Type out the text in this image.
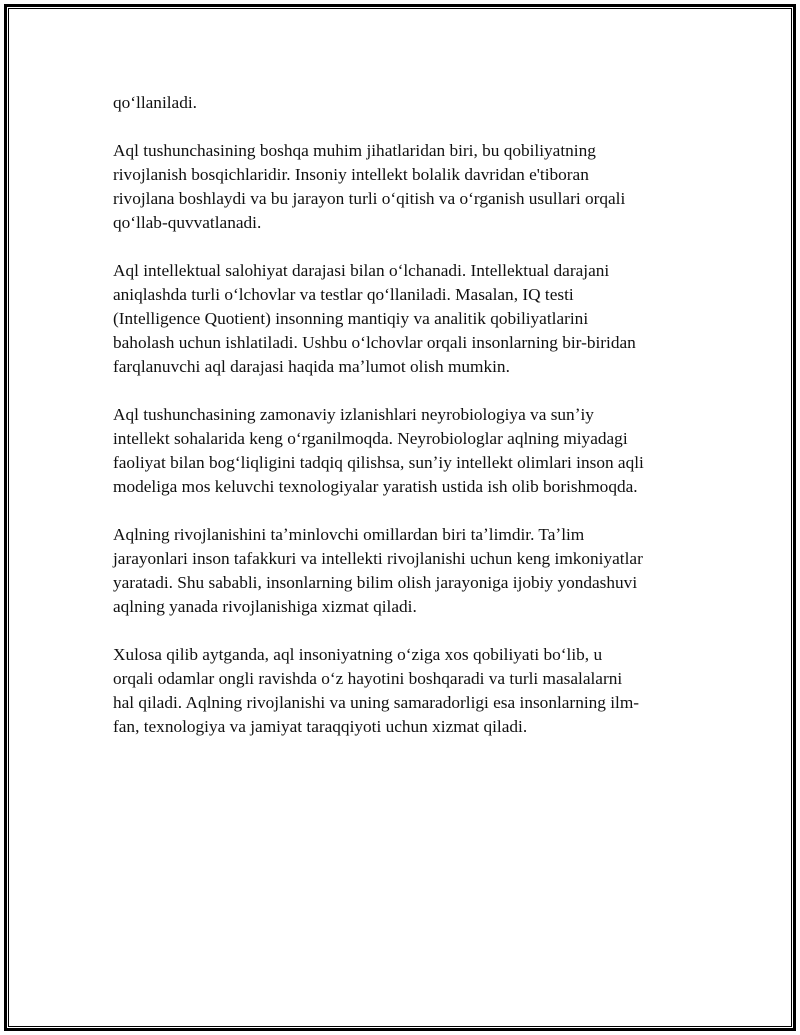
qoʻllaniladi.
Aql tushunchasining boshqa muhim jihatlaridan biri, bu qobiliyatning
rivojlanish bosqichlaridir. Insoniy intellekt bolalik davridan e'tiboran
rivojlana boshlaydi va bu jarayon turli oʻqitish va oʻrganish usullari orqali
qoʻllab-quvvatlanadi.
Aql intellektual salohiyat darajasi bilan oʻlchanadi. Intellektual darajani
aniqlashda turli oʻlchovlar va testlar qoʻllaniladi. Masalan, IQ testi
(Intelligence Quotient) insonning mantiqiy va analitik qobiliyatlarini
baholash uchun ishlatiladi. Ushbu oʻlchovlar orqali insonlarning bir-biridan
farqlanuvchi aql darajasi haqida maʼlumot olish mumkin.
Aql tushunchasining zamonaviy izlanishlari neyrobiologiya va sunʼiy
intellekt sohalarida keng oʻrganilmoqda. Neyrobiologlar aqlning miyadagi
faoliyat bilan bogʻliqligini tadqiq qilishsa, sunʼiy intellekt olimlari inson aqli
modeliga mos keluvchi texnologiyalar yaratish ustida ish olib borishmoqda.
Aqlning rivojlanishini taʼminlovchi omillardan biri taʼlimdir. Taʼlim
jarayonlari inson tafakkuri va intellekti rivojlanishi uchun keng imkoniyatlar
yaratadi. Shu sababli, insonlarning bilim olish jarayoniga ijobiy yondashuvi
aqlning yanada rivojlanishiga xizmat qiladi.
Xulosa qilib aytganda, aql insoniyatning oʻziga xos qobiliyati boʻlib, u
orqali odamlar ongli ravishda oʻz hayotini boshqaradi va turli masalalarni
hal qiladi. Aqlning rivojlanishi va uning samaradorligi esa insonlarning ilm-
fan, texnologiya va jamiyat taraqqiyoti uchun xizmat qiladi.
